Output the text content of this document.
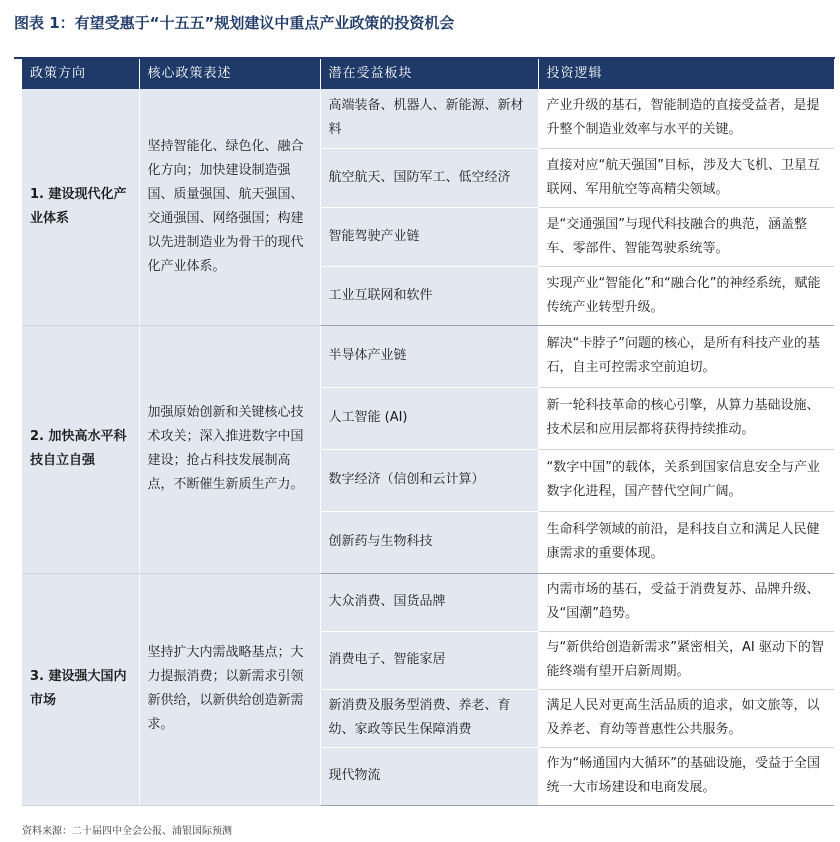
图表 1：有望受惠于“十五五”规划建议中重点产业政策的投资机会
政策方向	核心政策表述	潜在受益板块	投资逻辑
1. 建设现代化产业体系	坚持智能化、绿色化、融合化方向；加快建设制造强国、质量强国、航天强国、交通强国、网络强国；构建以先进制造业为骨干的现代化产业体系。	高端装备、机器人、新能源、新材料	产业升级的基石，智能制造的直接受益者，是提升整个制造业效率与水平的关键。
		航空航天、国防军工、低空经济	直接对应“航天强国”目标，涉及大飞机、卫星互联网、军用航空等高精尖领域。
		智能驾驶产业链	是“交通强国”与现代科技融合的典范，涵盖整车、零部件、智能驾驶系统等。
		工业互联网和软件	实现产业“智能化”和“融合化”的神经系统，赋能传统产业转型升级。
2. 加快高水平科技自立自强	加强原始创新和关键核心技术攻关；深入推进数字中国建设；抢占科技发展制高点，不断催生新质生产力。	半导体产业链	解决“卡脖子”问题的核心，是所有科技产业的基石，自主可控需求空前迫切。
		人工智能 (AI)	新一轮科技革命的核心引擎，从算力基础设施、技术层和应用层都将获得持续推动。
		数字经济（信创和云计算）	“数字中国”的载体，关系到国家信息安全与产业数字化进程，国产替代空间广阔。
		创新药与生物科技	生命科学领域的前沿，是科技自立和满足人民健康需求的重要体现。
3. 建设强大国内市场	坚持扩大内需战略基点；大力提振消费；以新需求引领新供给，以新供给创造新需求。	大众消费、国货品牌	内需市场的基石，受益于消费复苏、品牌升级、及“国潮”趋势。
		消费电子、智能家居	与“新供给创造新需求”紧密相关，AI 驱动下的智能终端有望开启新周期。
		新消费及服务型消费、养老、育幼、家政等民生保障消费	满足人民对更高生活品质的追求，如文旅等，以及养老、育幼等普惠性公共服务。
		现代物流	作为“畅通国内大循环”的基础设施，受益于全国统一大市场建设和电商发展。
资料来源：二十届四中全会公报、浦银国际预测
